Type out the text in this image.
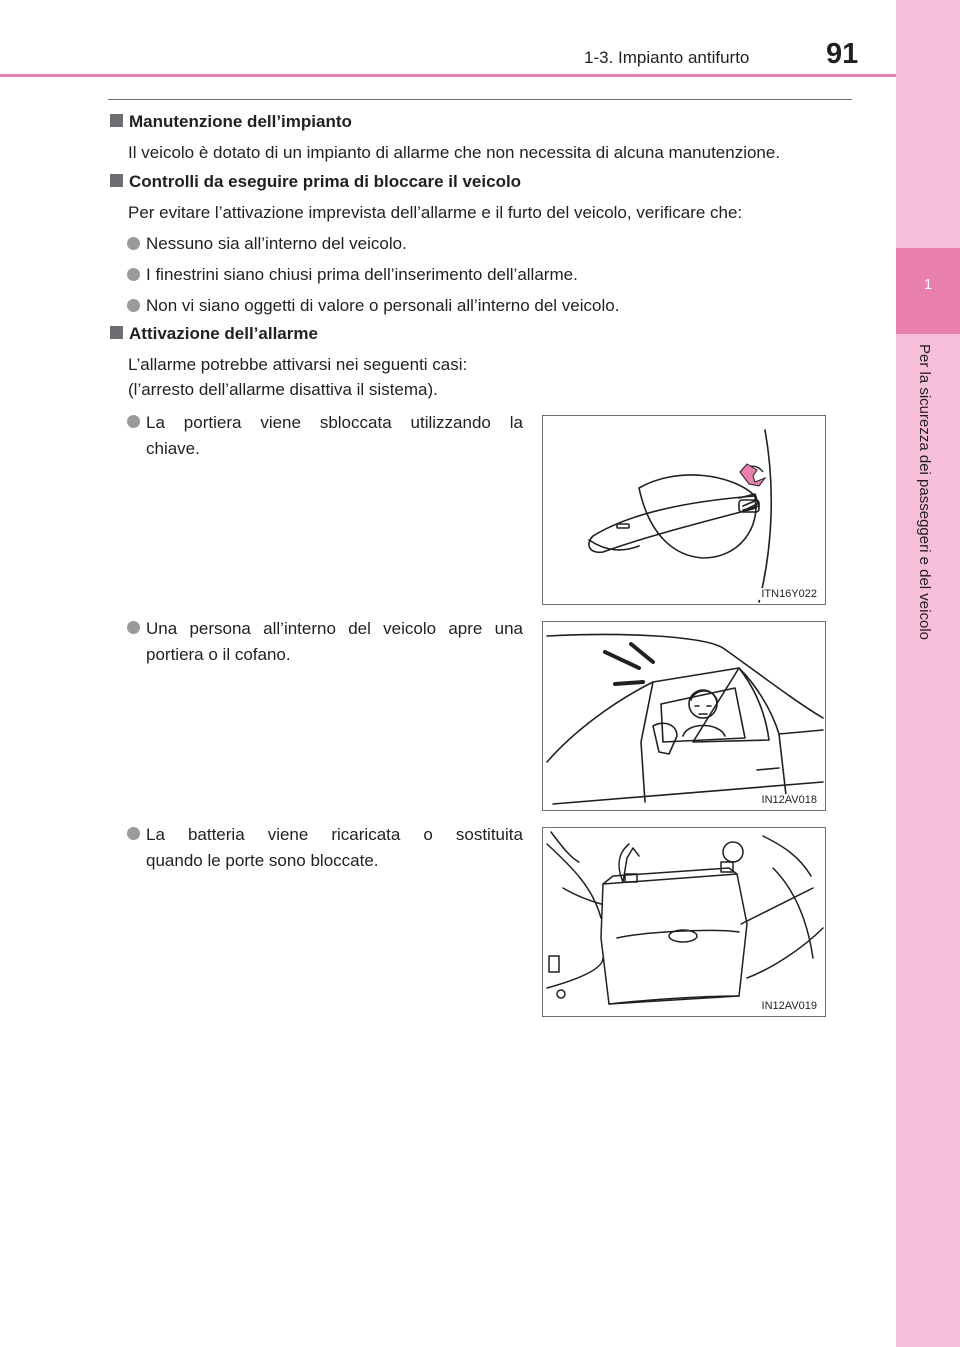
1-3. Impianto antifurto	91
1
Per la sicurezza dei passeggeri e del veicolo
Manutenzione dell’impianto
Il veicolo è dotato di un impianto di allarme che non necessita di alcuna manutenzione.
Controlli da eseguire prima di bloccare il veicolo
Per evitare l’attivazione imprevista dell’allarme e il furto del veicolo, verificare che:
Nessuno sia all’interno del veicolo.
I finestrini siano chiusi prima dell’inserimento dell’allarme.
Non vi siano oggetti di valore o personali all’interno del veicolo.
Attivazione dell’allarme
L’allarme potrebbe attivarsi nei seguenti casi:
(l’arresto dell’allarme disattiva il sistema).
La portiera viene sbloccata utilizzando la
chiave.
ITN16Y022
Una persona all’interno del veicolo apre una
portiera o il cofano.
IN12AV018
La batteria viene ricaricata o sostituita
quando le porte sono bloccate.
IN12AV019
